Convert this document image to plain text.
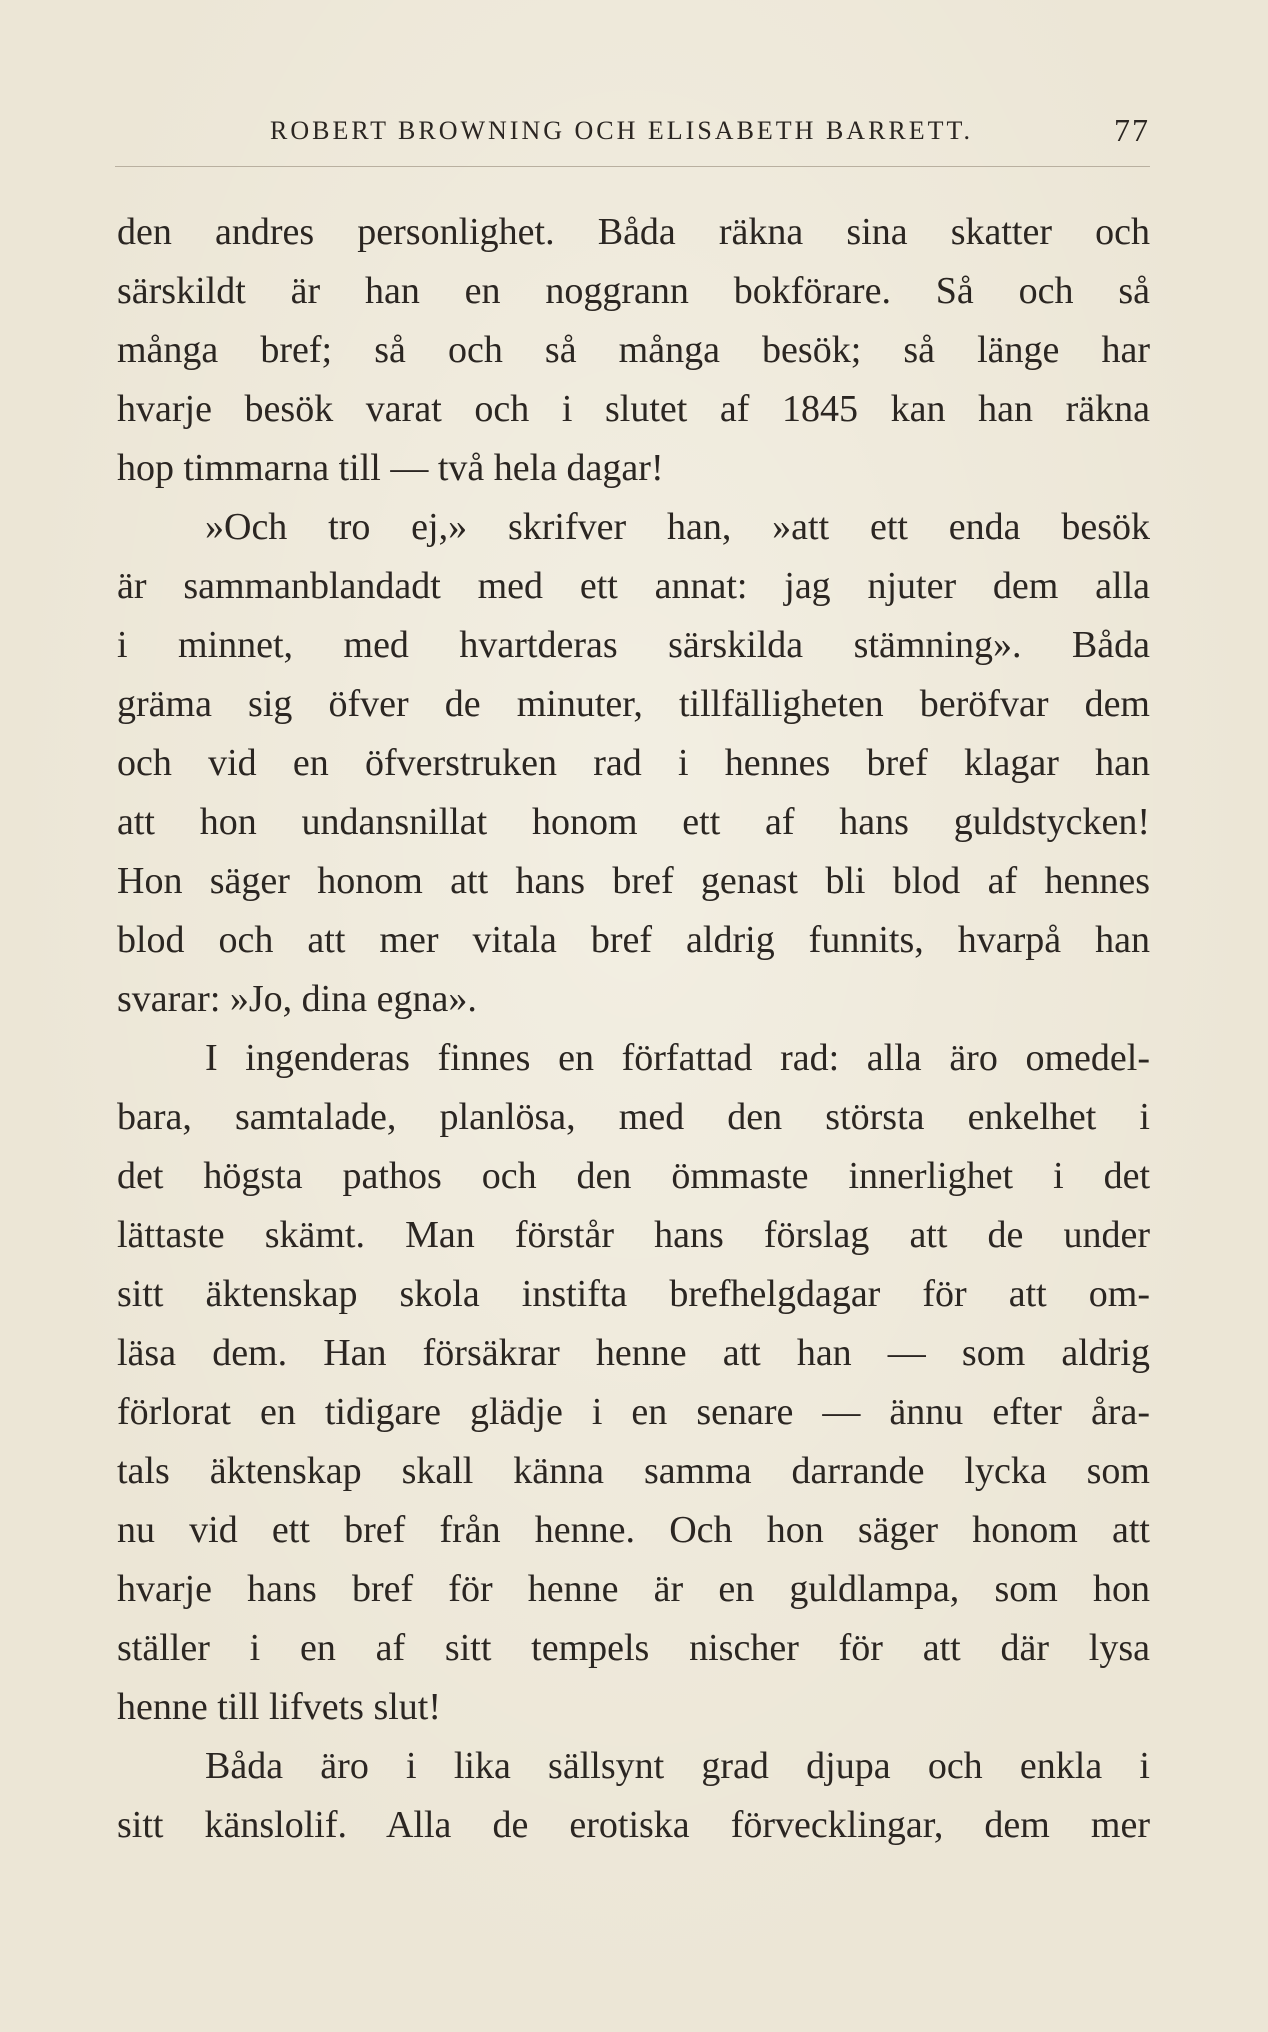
ROBERT BROWNING OCH ELISABETH BARRETT.	77
den andres personlighet. Båda räkna sina skatter och
särskildt är han en noggrann bokförare. Så och så
många bref; så och så många besök; så länge har
hvarje besök varat och i slutet af 1845 kan han räkna
hop timmarna till — två hela dagar!
»Och tro ej,» skrifver han, »att ett enda besök
är sammanblandadt med ett annat: jag njuter dem alla
i minnet, med hvartderas särskilda stämning». Båda
gräma sig öfver de minuter, tillfälligheten beröfvar dem
och vid en öfverstruken rad i hennes bref klagar han
att hon undansnillat honom ett af hans guldstycken!
Hon säger honom att hans bref genast bli blod af hennes
blod och att mer vitala bref aldrig funnits, hvarpå han
svarar: »Jo, dina egna».
I ingenderas finnes en författad rad: alla äro omedel-
bara, samtalade, planlösa, med den största enkelhet i
det högsta pathos och den ömmaste innerlighet i det
lättaste skämt. Man förstår hans förslag att de under
sitt äktenskap skola instifta brefhelgdagar för att om-
läsa dem. Han försäkrar henne att han — som aldrig
förlorat en tidigare glädje i en senare — ännu efter åra-
tals äktenskap skall känna samma darrande lycka som
nu vid ett bref från henne. Och hon säger honom att
hvarje hans bref för henne är en guldlampa, som hon
ställer i en af sitt tempels nischer för att där lysa
henne till lifvets slut!
Båda äro i lika sällsynt grad djupa och enkla i
sitt känslolif. Alla de erotiska förvecklingar, dem mer
